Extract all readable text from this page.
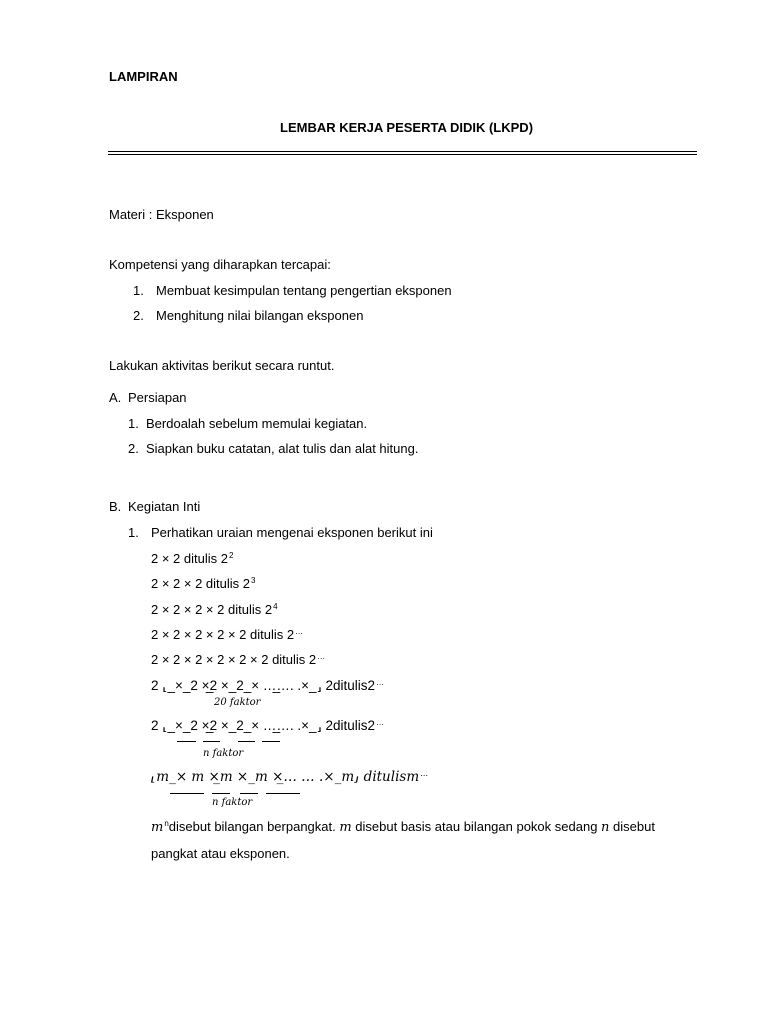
LAMPIRAN
LEMBAR KERJA PESERTA DIDIK (LKPD)
Materi : Eksponen
Kompetensi yang diharapkan tercapai:
1. Membuat kesimpulan tentang pengertian eksponen
2. Menghitung nilai bilangan eksponen
Lakukan aktivitas berikut secara runtut.
A. Persiapan
1. Berdoalah sebelum memulai kegiatan.
2. Siapkan buku catatan, alat tulis dan alat hitung.
B. Kegiatan Inti
1. Perhatikan uraian mengenai eksponen berikut ini
2 × 2 ditulis $2^2$
2 × 2 × 2 ditulis $2^3$
2 × 2 × 2 × 2 ditulis $2^4$
2 × 2 × 2 × 2 × 2 ditulis 2…
2 × 2 × 2 × 2 × 2 × 2 ditulis 2…
2 ⸤_×_2 ×̲2 ×_2_× …̲…. .×_⸥ 2ditulis2…
20 faktor
2 ⸤_×_2 ×̲2 ×_2_× …̲…. .×_⸥ 2ditulis2…
n faktor
⸤m_× m ×̲m ×_m ×̲… … .×_m⸥ ditulism…
n faktor
$m^ndisebut$ bilangan berpangkat. m disebut basis atau bilangan pokok sedang n disebut
pangkat atau eksponen.
